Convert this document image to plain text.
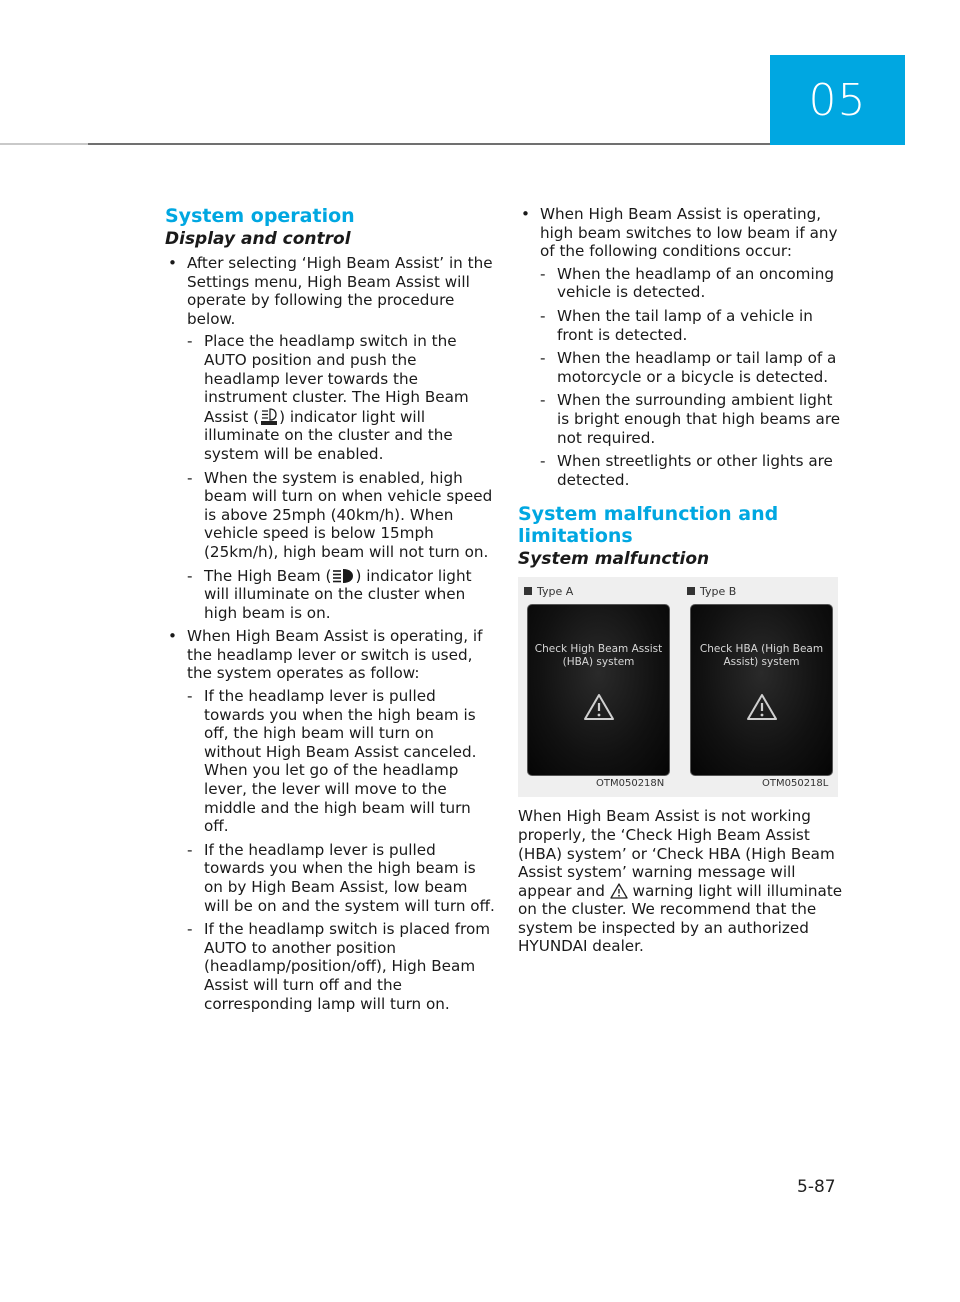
05
System operation
Display and control
• After selecting ‘High Beam Assist’ in the Settings menu, High Beam Assist will operate by following the procedure below.
- Place the headlamp switch in the AUTO position and push the headlamp lever towards the instrument cluster. The High Beam Assist ( ) indicator light will illuminate on the cluster and the system will be enabled.
- When the system is enabled, high beam will turn on when vehicle speed is above 25mph (40km/h). When vehicle speed is below 15mph (25km/h), high beam will not turn on.
- The High Beam ( ) indicator light will illuminate on the cluster when high beam is on.
• When High Beam Assist is operating, if the headlamp lever or switch is used, the system operates as follow:
- If the headlamp lever is pulled towards you when the high beam is off, the high beam will turn on without High Beam Assist canceled. When you let go of the headlamp lever, the lever will move to the middle and the high beam will turn off.
- If the headlamp lever is pulled towards you when the high beam is on by High Beam Assist, low beam will be on and the system will turn off.
- If the headlamp switch is placed from AUTO to another position (headlamp/position/off), High Beam Assist will turn off and the corresponding lamp will turn on.
• When High Beam Assist is operating, high beam switches to low beam if any of the following conditions occur:
- When the headlamp of an oncoming vehicle is detected.
- When the tail lamp of a vehicle in front is detected.
- When the headlamp or tail lamp of a motorcycle or a bicycle is detected.
- When the surrounding ambient light is bright enough that high beams are not required.
- When streetlights or other lights are detected.
System malfunction and limitations
System malfunction
Type A	Type B
Check High Beam Assist (HBA) system
Check HBA (High Beam Assist) system
OTM050218N	OTM050218L

When High Beam Assist is not working properly, the ‘Check High Beam Assist (HBA) system’ or ‘Check HBA (High Beam Assist system’ warning message will appear and warning light will illuminate on the cluster. We recommend that the system be inspected by an authorized HYUNDAI dealer.

5-87
